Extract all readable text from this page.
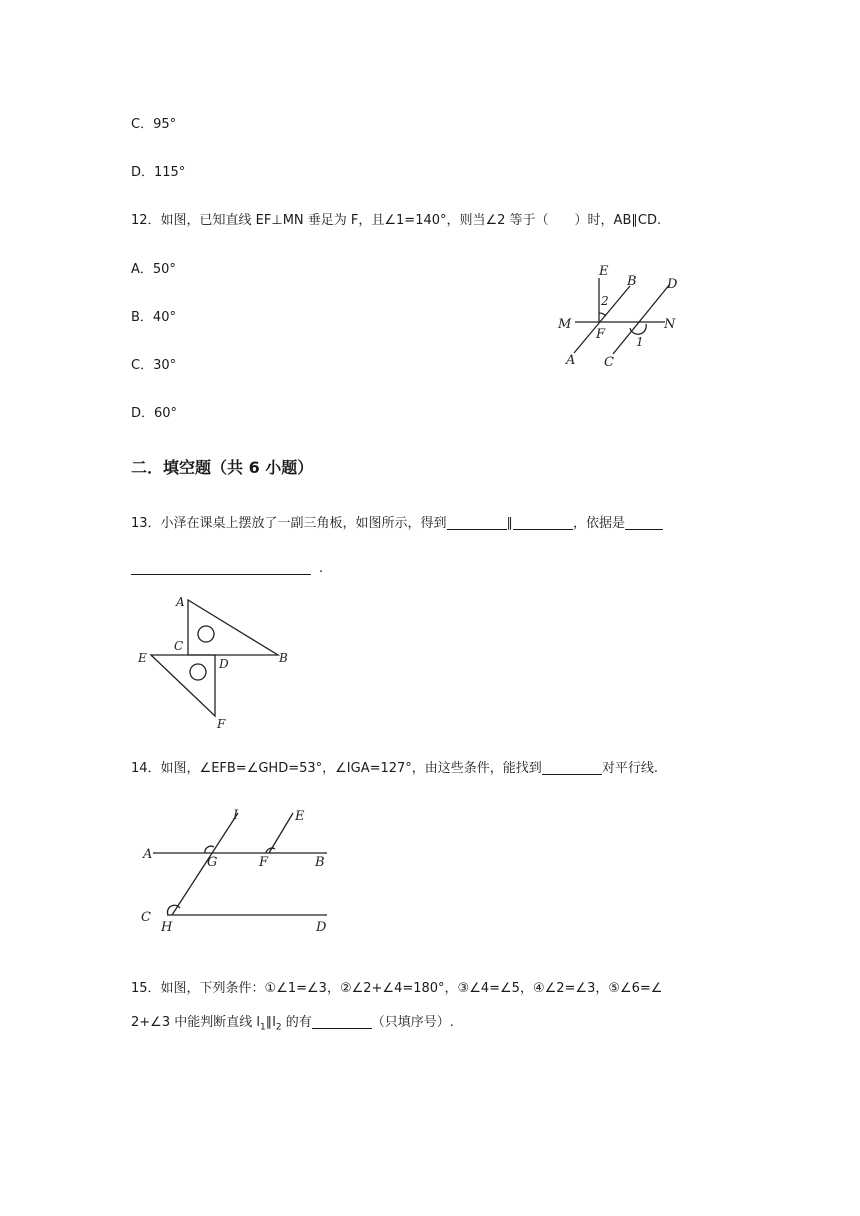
C．95°
D．115°
12．如图，已知直线 EF⊥MN 垂足为 F，且∠1=140°，则当∠2 等于（　　）时，AB∥CD.
A．50°
B．40°
C．30°
D．60°
E
B D
M	N
F
A C
1
2
二．填空题（共 6 小题）
13．小泽在课桌上摆放了一副三角板，如图所示，得到	∥	，依据是
.
A
C
B
E	D
F
14．如图，∠EFB=∠GHD=53°，∠IGA=127°，由这些条件，能找到	对平行线.
I	E
A
G	F	B
C
H	D
15．如图，下列条件：①∠1=∠3，②∠2+∠4=180°，③∠4=∠5，④∠2=∠3，⑤∠6=∠
2+∠3 中能判断直线 $l_1\parallel l_2$ 的有	（只填序号）.
